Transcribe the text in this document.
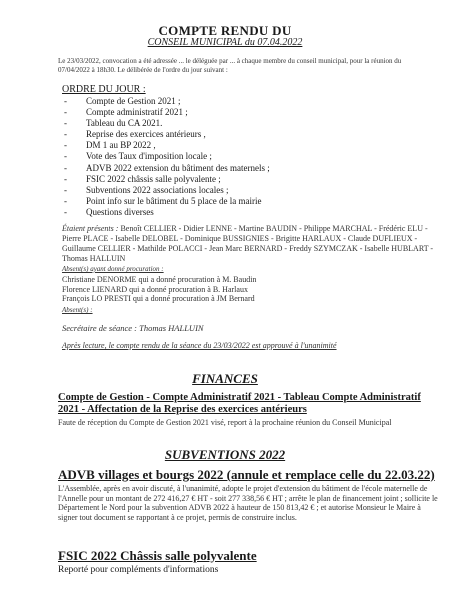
COMPTE RENDU DU
CONSEIL MUNICIPAL du 07.04.2022
Le 23/03/2022, convocation a été adressée ... le déléguée par ... à chaque membre du conseil municipal, pour la réunion du 07/04/2022 à 18h30. Le délibérée de l'ordre du jour suivant :
ORDRE DU JOUR :
- Compte de Gestion 2021 ;
- Compte administratif 2021 ;
- Tableau du CA 2021.
- Reprise des exercices antérieurs ,
- DM 1 au BP 2022 ,
- Vote des Taux d'imposition locale ;
- ADVB 2022 extension du bâtiment des maternels ;
- FSIC 2022 châssis salle polyvalente ;
- Subventions 2022 associations locales ;
- Point info sur le bâtiment du 5 place de la mairie
- Questions diverses
Étaient présents : Benoît CELLIER - Didier LENNE - Martine BAUDIN - Philippe MARCHAL - Frédéric ELU - Pierre PLACE - Isabelle DELOBEL - Dominique BUSSIGNIES - Brigitte HARLAUX - Claude DUFLIEUX - Guillaume CELLIER - Mathilde POLACCI - Jean Marc BERNARD - Freddy SZYMCZAK - Isabelle HUBLART - Thomas HALLUIN
Absent(s) ayant donné procuration :
Christiane DENORME qui a donné procuration à M. Baudin
Florence LIENARD qui a donné procuration à B. Harlaux
François LO PRESTI qui a donné procuration à JM Bernard
Absent(s) :
Secrétaire de séance : Thomas HALLUIN
Après lecture, le compte rendu de la séance du 23/03/2022 est approuvé à l'unanimité
FINANCES
Compte de Gestion - Compte Administratif 2021 - Tableau Compte Administratif 2021 - Affectation de la Reprise des exercices antérieurs
Faute de réception du Compte de Gestion 2021 visé, report à la prochaine réunion du Conseil Municipal
SUBVENTIONS 2022
ADVB villages et bourgs 2022 (annule et remplace celle du 22.03.22)
L'Assemblée, après en avoir discuté, à l'unanimité, adopte le projet d'extension du bâtiment de l'école maternelle de l'Annelle pour un montant de 272 416,27 € HT - soit 277 338,56 € HT ; arrête le plan de financement joint ; sollicite le Département le Nord pour la subvention ADVB 2022 à hauteur de 150 813,42 € ; et autorise Monsieur le Maire à signer tout document se rapportant à ce projet, permis de construire inclus.
FSIC 2022 Châssis salle polyvalente
Reporté pour compléments d'informations
